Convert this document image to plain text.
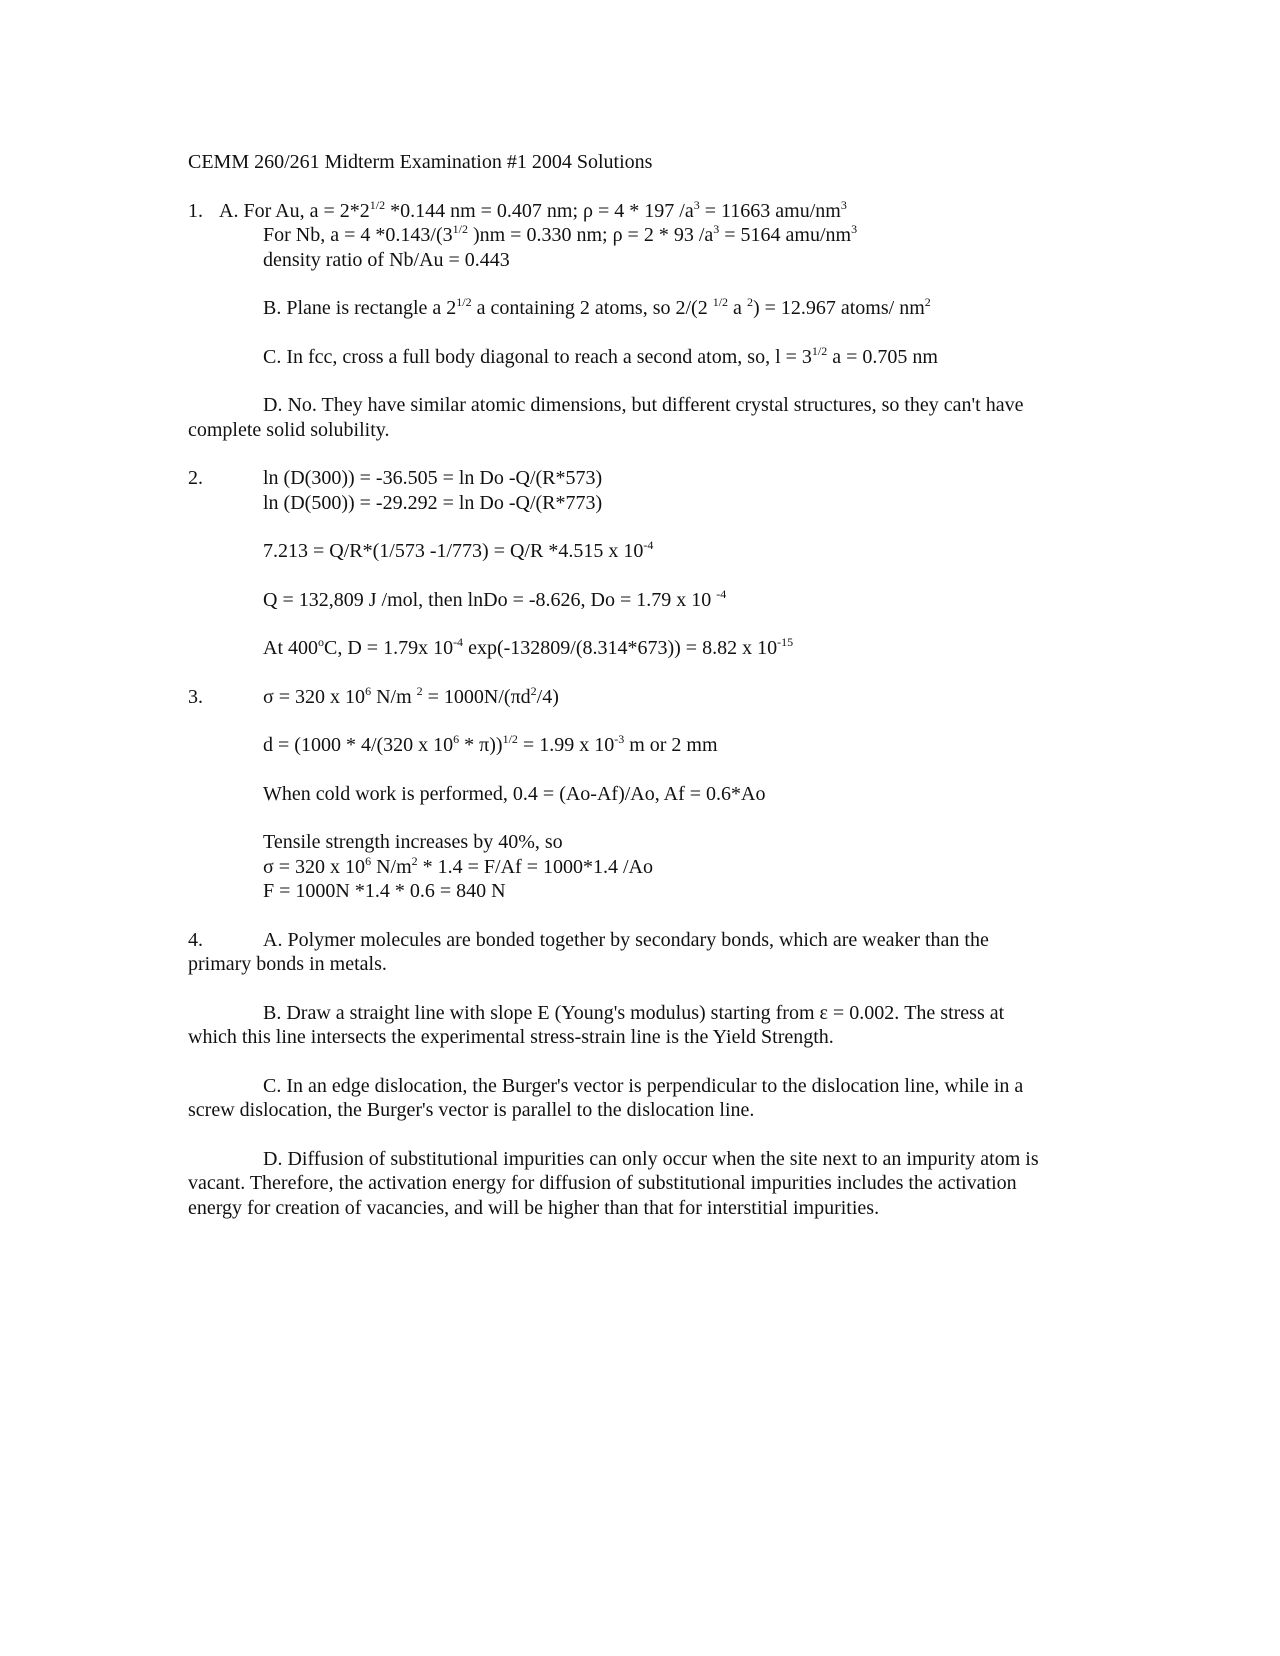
CEMM 260/261 Midterm Examination #1 2004 Solutions
1. A. For Au, $a = 2*2^{1/2}$ *0.144 nm = 0.407 nm; ρ = 4 * 197 $/a^3 = 11663$ amu/$nm^3$
For Nb, a = 4 $*0.143/(3^{1/2}$ )nm = 0.330 nm; ρ = 2 * 93 $/a^3 = 5164$ amu/$nm^3$
density ratio of Nb/Au = 0.443
B. Plane is rectangle a $2^{1/2}$ a containing 2 atoms, so 2/(2 $^{1/2}$ a $^2$) = 12.967 atoms/ $nm^2$
C. In fcc, cross a full body diagonal to reach a second atom, so, $l = 3^{1/2}$ a = 0.705 nm
D. No. They have similar atomic dimensions, but different crystal structures, so they can't have
complete solid solubility.
2.	ln (D(300)) = -36.505 = ln Do -Q/(R*573)
ln (D(500)) = -29.292 = ln Do -Q/(R*773)
7.213 = Q/R*(1/573 -1/773) = Q/R *4.515 x $10^{-4}$
Q = 132,809 J /mol, then lnDo = -8.626, Do = 1.79 x 10 $^{-4}$
At 400$^o$C, D = 1.79x $10^{-4}$ exp(-132809/(8.314*673)) = 8.82 x $10^{-15}$
3.	σ = 320 x $10^6$ N/m $^2 = 1000N/(\pi d^2/4)$
d = (1000 * 4/(320 x $10^6 * \pi))^{1/2} = 1.99$ x $10^{-3}$ m or 2 mm
When cold work is performed, 0.4 = (Ao-Af)/Ao, Af = 0.6*Ao
Tensile strength increases by 40%, so
σ = 320 x $10^6$ $N/m^2 * 1.4 = F/Af = 1000*1.4$ /Ao
F = 1000N *1.4 * 0.6 = 840 N
4.	A. Polymer molecules are bonded together by secondary bonds, which are weaker than the
primary bonds in metals.
B. Draw a straight line with slope E (Young's modulus) starting from ε = 0.002. The stress at
which this line intersects the experimental stress-strain line is the Yield Strength.
C. In an edge dislocation, the Burger's vector is perpendicular to the dislocation line, while in a
screw dislocation, the Burger's vector is parallel to the dislocation line.
D. Diffusion of substitutional impurities can only occur when the site next to an impurity atom is
vacant. Therefore, the activation energy for diffusion of substitutional impurities includes the activation
energy for creation of vacancies, and will be higher than that for interstitial impurities.
